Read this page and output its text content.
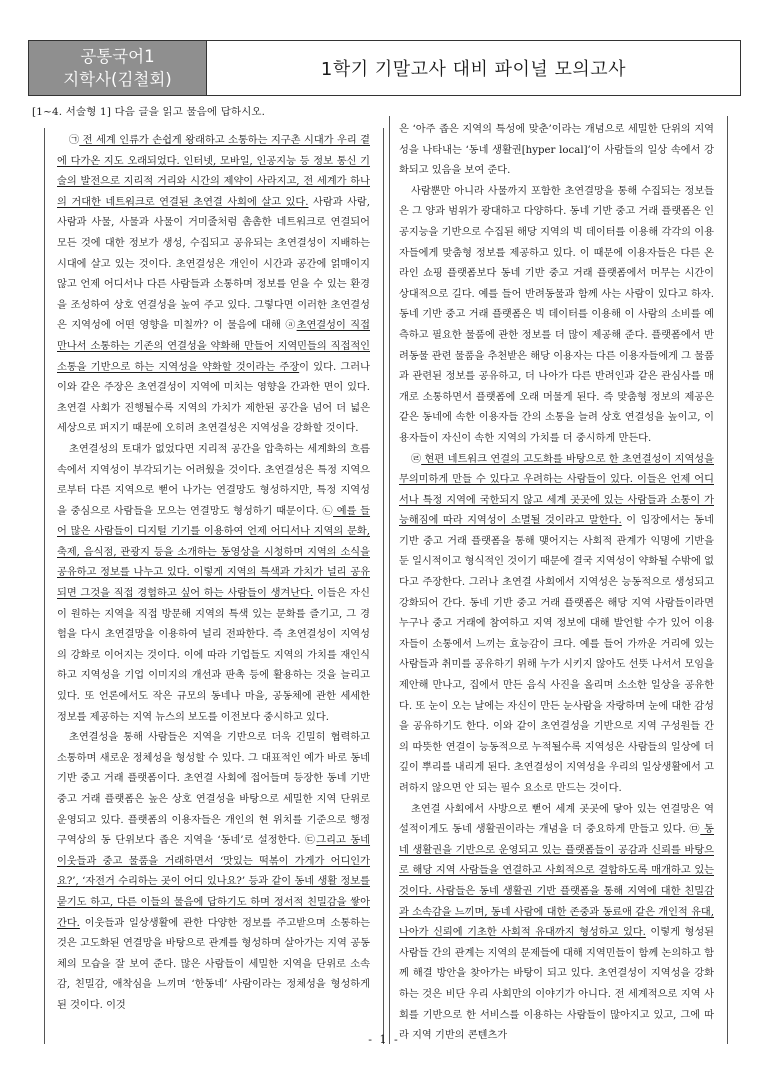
공통국어1
지학사(김철회)	1학기 기말고사 대비 파이널 모의고사
[1~4. 서술형 1] 다음 글을 읽고 물음에 답하시오.

㉠ 전 세계 인류가 손쉽게 왕래하고 소통하는 지구촌 시대가 우리 곁에 다가온 지도 오래되었다. 인터넷, 모바일, 인공지능 등 정보 통신 기술의 발전으로 지리적 거리와 시간의 제약이 사라지고, 전 세계가 하나의 거대한 네트워크로 연결된 초연결 사회에 살고 있다. 사람과 사람, 사람과 사물, 사물과 사물이 거미줄처럼 촘촘한 네트워크로 연결되어 모든 것에 대한 정보가 생성, 수집되고 공유되는 초연결성이 지배하는 시대에 살고 있는 것이다. 초연결성은 개인이 시간과 공간에 얽매이지 않고 언제 어디서나 다른 사람들과 소통하며 정보를 얻을 수 있는 환경을 조성하여 상호 연결성을 높여 주고 있다. 그렇다면 이러한 초연결성은 지역성에 어떤 영향을 미칠까? 이 물음에 대해 ⓐ초연결성이 직접 만나서 소통하는 기존의 연결성을 약화해 만들어 지역민들의 직접적인 소통을 기반으로 하는 지역성을 약화할 것이라는 주장이 있다. 그러나 이와 같은 주장은 초연결성이 지역에 미치는 영향을 간과한 면이 있다. 초연결 사회가 진행될수록 지역의 가치가 제한된 공간을 넘어 더 넓은 세상으로 퍼지기 때문에 오히려 초연결성은 지역성을 강화할 것이다.

초연결성의 토대가 없었다면 지리적 공간을 압축하는 세계화의 흐름 속에서 지역성이 부각되기는 어려웠을 것이다. 초연결성은 특정 지역으로부터 다른 지역으로 뻗어 나가는 연결망도 형성하지만, 특정 지역성을 중심으로 사람들을 모으는 연결망도 형성하기 때문이다. ㉡ 예를 들어 많은 사람들이 디지털 기기를 이용하여 언제 어디서나 지역의 문화, 축제, 음식점, 관광지 등을 소개하는 동영상을 시청하며 지역의 소식을 공유하고 정보를 나누고 있다. 이렇게 지역의 특색과 가치가 널리 공유되면 그것을 직접 경험하고 싶어 하는 사람들이 생겨난다. 이들은 자신이 원하는 지역을 직접 방문해 지역의 특색 있는 문화를 즐기고, 그 경험을 다시 초연결망을 이용하여 널리 전파한다. 즉 초연결성이 지역성의 강화로 이어지는 것이다. 이에 따라 기업들도 지역의 가치를 재인식하고 지역성을 기업 이미지의 개선과 판촉 등에 활용하는 것을 늘리고 있다. 또 언론에서도 작은 규모의 동네나 마을, 공동체에 관한 세세한 정보를 제공하는 지역 뉴스의 보도를 이전보다 중시하고 있다.

초연결성을 통해 사람들은 지역을 기반으로 더욱 긴밀히 협력하고 소통하며 새로운 정체성을 형성할 수 있다. 그 대표적인 예가 바로 동네 기반 중고 거래 플랫폼이다. 초연결 사회에 접어들며 등장한 동네 기반 중고 거래 플랫폼은 높은 상호 연결성을 바탕으로 세밀한 지역 단위로 운영되고 있다. 플랫폼의 이용자들은 개인의 현 위치를 기준으로 행정 구역상의 동 단위보다 좁은 지역을 ‘동네’로 설정한다. ㉢그리고 동네 이웃들과 중고 물품을 거래하면서 ‘맛있는 떡볶이 가게가 어디인가요?’, ‘자전거 수리하는 곳이 어디 있나요?’ 등과 같이 동네 생활 정보를 묻기도 하고, 다른 이들의 물음에 답하기도 하며 정서적 친밀감을 쌓아 간다. 이웃들과 일상생활에 관한 다양한 정보를 주고받으며 소통하는 것은 고도화된 연결망을 바탕으로 관계를 형성하며 살아가는 지역 공동체의 모습을 잘 보여 준다. 많은 사람들이 세밀한 지역을 단위로 소속감, 친밀감, 애착심을 느끼며 ‘한동네’ 사람이라는 정체성을 형성하게 된 것이다. 이것

은 ‘아주 좁은 지역의 특성에 맞춘’이라는 개념으로 세밀한 단위의 지역성을 나타내는 ‘동네 생활권[hyper local]’이 사람들의 일상 속에서 강화되고 있음을 보여 준다.

사람뿐만 아니라 사물까지 포함한 초연결망을 통해 수집되는 정보들은 그 양과 범위가 광대하고 다양하다. 동네 기반 중고 거래 플랫폼은 인공지능을 기반으로 수집된 해당 지역의 빅 데이터를 이용해 각각의 이용자들에게 맞춤형 정보를 제공하고 있다. 이 때문에 이용자들은 다른 온라인 쇼핑 플랫폼보다 동네 기반 중고 거래 플랫폼에서 머무는 시간이 상대적으로 길다. 예를 들어 반려동물과 함께 사는 사람이 있다고 하자. 동네 기반 중고 거래 플랫폼은 빅 데이터를 이용해 이 사람의 소비를 예측하고 필요한 물품에 관한 정보를 더 많이 제공해 준다. 플랫폼에서 반려동물 관련 물품을 추천받은 해당 이용자는 다른 이용자들에게 그 물품과 관련된 정보를 공유하고, 더 나아가 다른 반려인과 같은 관심사를 매개로 소통하면서 플랫폼에 오래 머물게 된다. 즉 맞춤형 정보의 제공은 같은 동네에 속한 이용자들 간의 소통을 늘려 상호 연결성을 높이고, 이용자들이 자신이 속한 지역의 가치를 더 중시하게 만든다.

㉣ 현편 네트워크 연결의 고도화를 바탕으로 한 초연결성이 지역성을 무의미하게 만들 수 있다고 우려하는 사람들이 있다. 이들은 언제 어디서나 특정 지역에 국한되지 않고 세계 곳곳에 있는 사람들과 소통이 가능해짐에 따라 지역성이 소멸될 것이라고 말한다. 이 입장에서는 동네 기반 중고 거래 플랫폼을 통해 맺어지는 사회적 관계가 익명에 기반을 둔 일시적이고 형식적인 것이기 때문에 결국 지역성이 약화될 수밖에 없다고 주장한다. 그러나 초연결 사회에서 지역성은 능동적으로 생성되고 강화되어 간다. 동네 기반 중고 거래 플랫폼은 해당 지역 사람들이라면 누구나 중고 거래에 참여하고 지역 정보에 대해 발언할 수가 있어 이용자들이 소통에서 느끼는 효능감이 크다. 예를 들어 가까운 거리에 있는 사람들과 취미를 공유하기 위해 누가 시키지 않아도 선뜻 나서서 모임을 제안해 만나고, 집에서 만든 음식 사진을 올리며 소소한 일상을 공유한다. 또 눈이 오는 날에는 자신이 만든 눈사람을 자랑하며 눈에 대한 감성을 공유하기도 한다. 이와 같이 초연결성을 기반으로 지역 구성원들 간의 따뜻한 연결이 능동적으로 누적될수록 지역성은 사람들의 일상에 더 깊이 뿌리를 내리게 된다. 초연결성이 지역성을 우리의 일상생활에서 고려하지 않으면 안 되는 필수 요소로 만드는 것이다.

초연결 사회에서 사방으로 뻗어 세계 곳곳에 닿아 있는 연결망은 역설적이게도 동네 생활권이라는 개념을 더 중요하게 만들고 있다. ㉤ 동네 생활권을 기반으로 운영되고 있는 플랫폼들이 공감과 신뢰를 바탕으로 해당 지역 사람들을 연결하고 사회적으로 결합하도록 매개하고 있는 것이다. 사람들은 동네 생활권 기반 플랫폼을 통해 지역에 대한 친밀감과 소속감을 느끼며, 동네 사람에 대한 존중과 동료애 같은 개인적 유대, 나아가 신뢰에 기초한 사회적 유대까지 형성하고 있다. 이렇게 형성된 사람들 간의 관계는 지역의 문제들에 대해 지역민들이 함께 논의하고 함께 해결 방안을 찾아가는 바탕이 되고 있다. 초연결성이 지역성을 강화하는 것은 비단 우리 사회만의 이야기가 아니다. 전 세계적으로 지역 사회를 기반으로 한 서비스를 이용하는 사람들이 많아지고 있고, 그에 따라 지역 기반의 콘텐츠가

- 1 -
